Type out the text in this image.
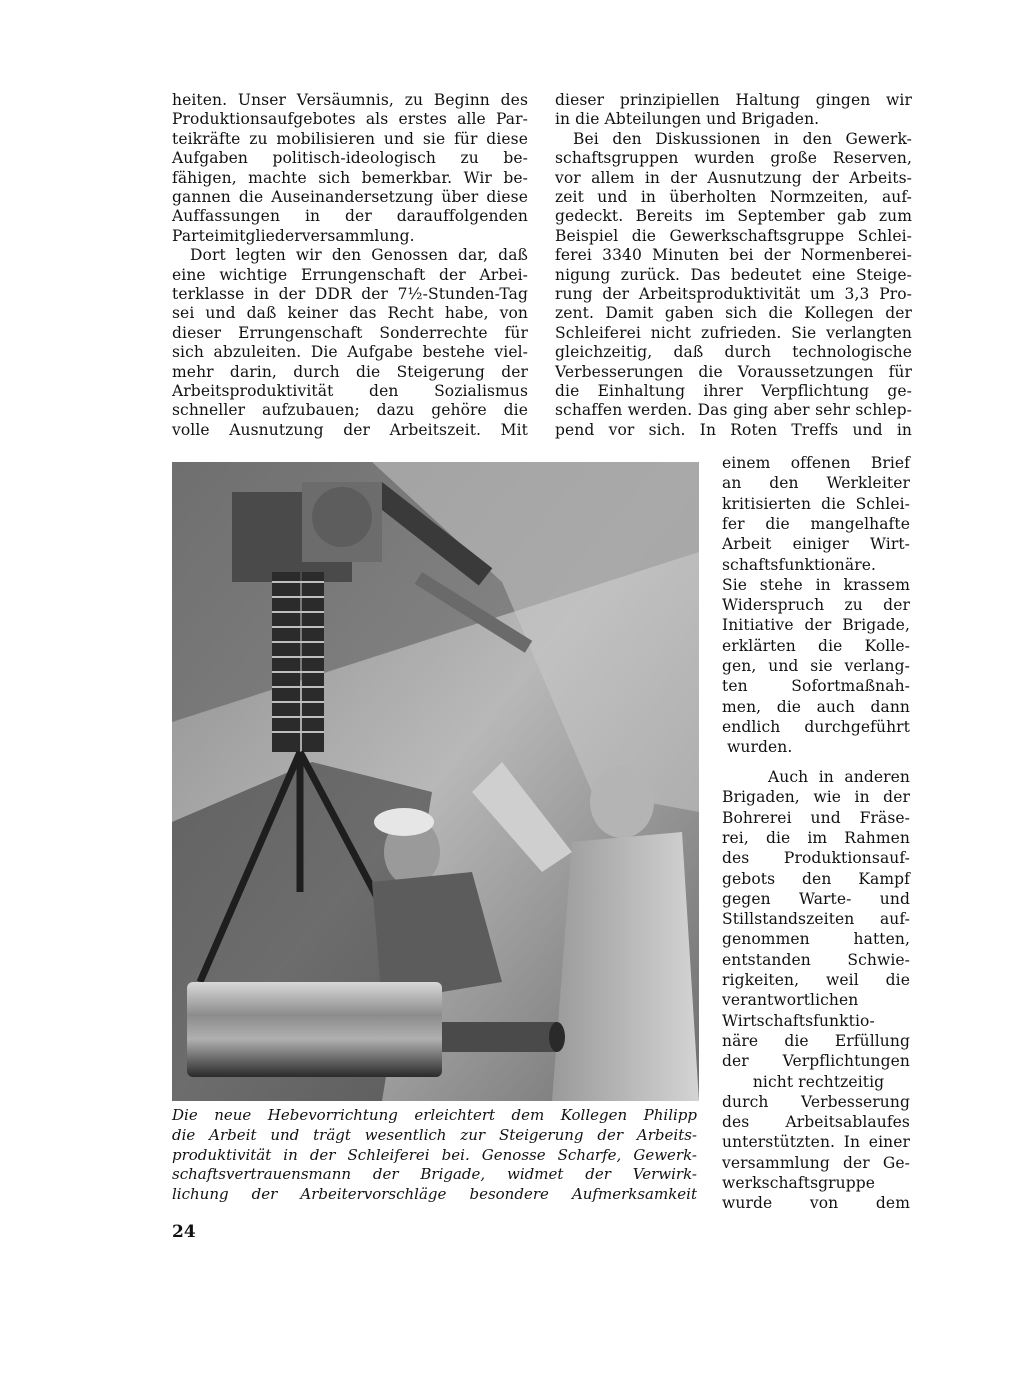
heiten. Unser Versäumnis, zu Beginn des
Produktionsaufgebotes als erstes alle Par-
teikräfte zu mobilisieren und sie für diese
Aufgaben politisch-ideologisch zu be-
fähigen, machte sich bemerkbar. Wir be-
gannen die Auseinandersetzung über diese
Auffassungen in der darauffolgenden
Parteimitgliederversammlung.
Dort legten wir den Genossen dar, daß
eine wichtige Errungenschaft der Arbei-
terklasse in der DDR der 7½-Stunden-Tag
sei und daß keiner das Recht habe, von
dieser Errungenschaft Sonderrechte für
sich abzuleiten. Die Aufgabe bestehe viel-
mehr darin, durch die Steigerung der
Arbeitsproduktivität den Sozialismus
schneller aufzubauen; dazu gehöre die
volle Ausnutzung der Arbeitszeit. Mit
dieser prinzipiellen Haltung gingen wir
in die Abteilungen und Brigaden.
Bei den Diskussionen in den Gewerk-
schaftsgruppen wurden große Reserven,
vor allem in der Ausnutzung der Arbeits-
zeit und in überholten Normzeiten, auf-
gedeckt. Bereits im September gab zum
Beispiel die Gewerkschaftsgruppe Schlei-
ferei 3340 Minuten bei der Normenberei-
nigung zurück. Das bedeutet eine Steige-
rung der Arbeitsproduktivität um 3,3 Pro-
zent. Damit gaben sich die Kollegen der
Schleiferei nicht zufrieden. Sie verlangten
gleichzeitig, daß durch technologische
Verbesserungen die Voraussetzungen für
die Einhaltung ihrer Verpflichtung ge-
schaffen werden. Das ging aber sehr schlep-
pend vor sich. In Roten Treffs und in
einem offenen Brief
an den Werkleiter
kritisierten die Schlei-
fer die mangelhafte
Arbeit einiger Wirt-
schaftsfunktionäre.
Sie stehe in krassem
Widerspruch zu der
Initiative der Brigade,
erklärten die Kolle-
gen, und sie verlang-
ten Sofortmaßnah-
men, die auch dann
endlich durchgeführt
wurden.
Auch in anderen
Brigaden, wie in der
Bohrerei und Fräse-
rei, die im Rahmen
des Produktionsauf-
gebots den Kampf
gegen Warte- und
Stillstandszeiten auf-
genommen hatten,
entstanden Schwie-
rigkeiten, weil die
verantwortlichen
Wirtschaftsfunktio-
näre die Erfüllung
der Verpflichtungen
nicht rechtzeitig
durch Verbesserung
des Arbeitsablaufes
unterstützten. In einer
versammlung der Ge-
werkschaftsgruppe
wurde von dem
Die neue Hebevorrichtung erleichtert dem Kollegen Philipp
die Arbeit und trägt wesentlich zur Steigerung der Arbeits-
produktivität in der Schleiferei bei. Genosse Scharfe, Gewerk-
schaftsvertrauensmann der Brigade, widmet der Verwirk-
lichung der Arbeitervorschläge besondere Aufmerksamkeit
24
